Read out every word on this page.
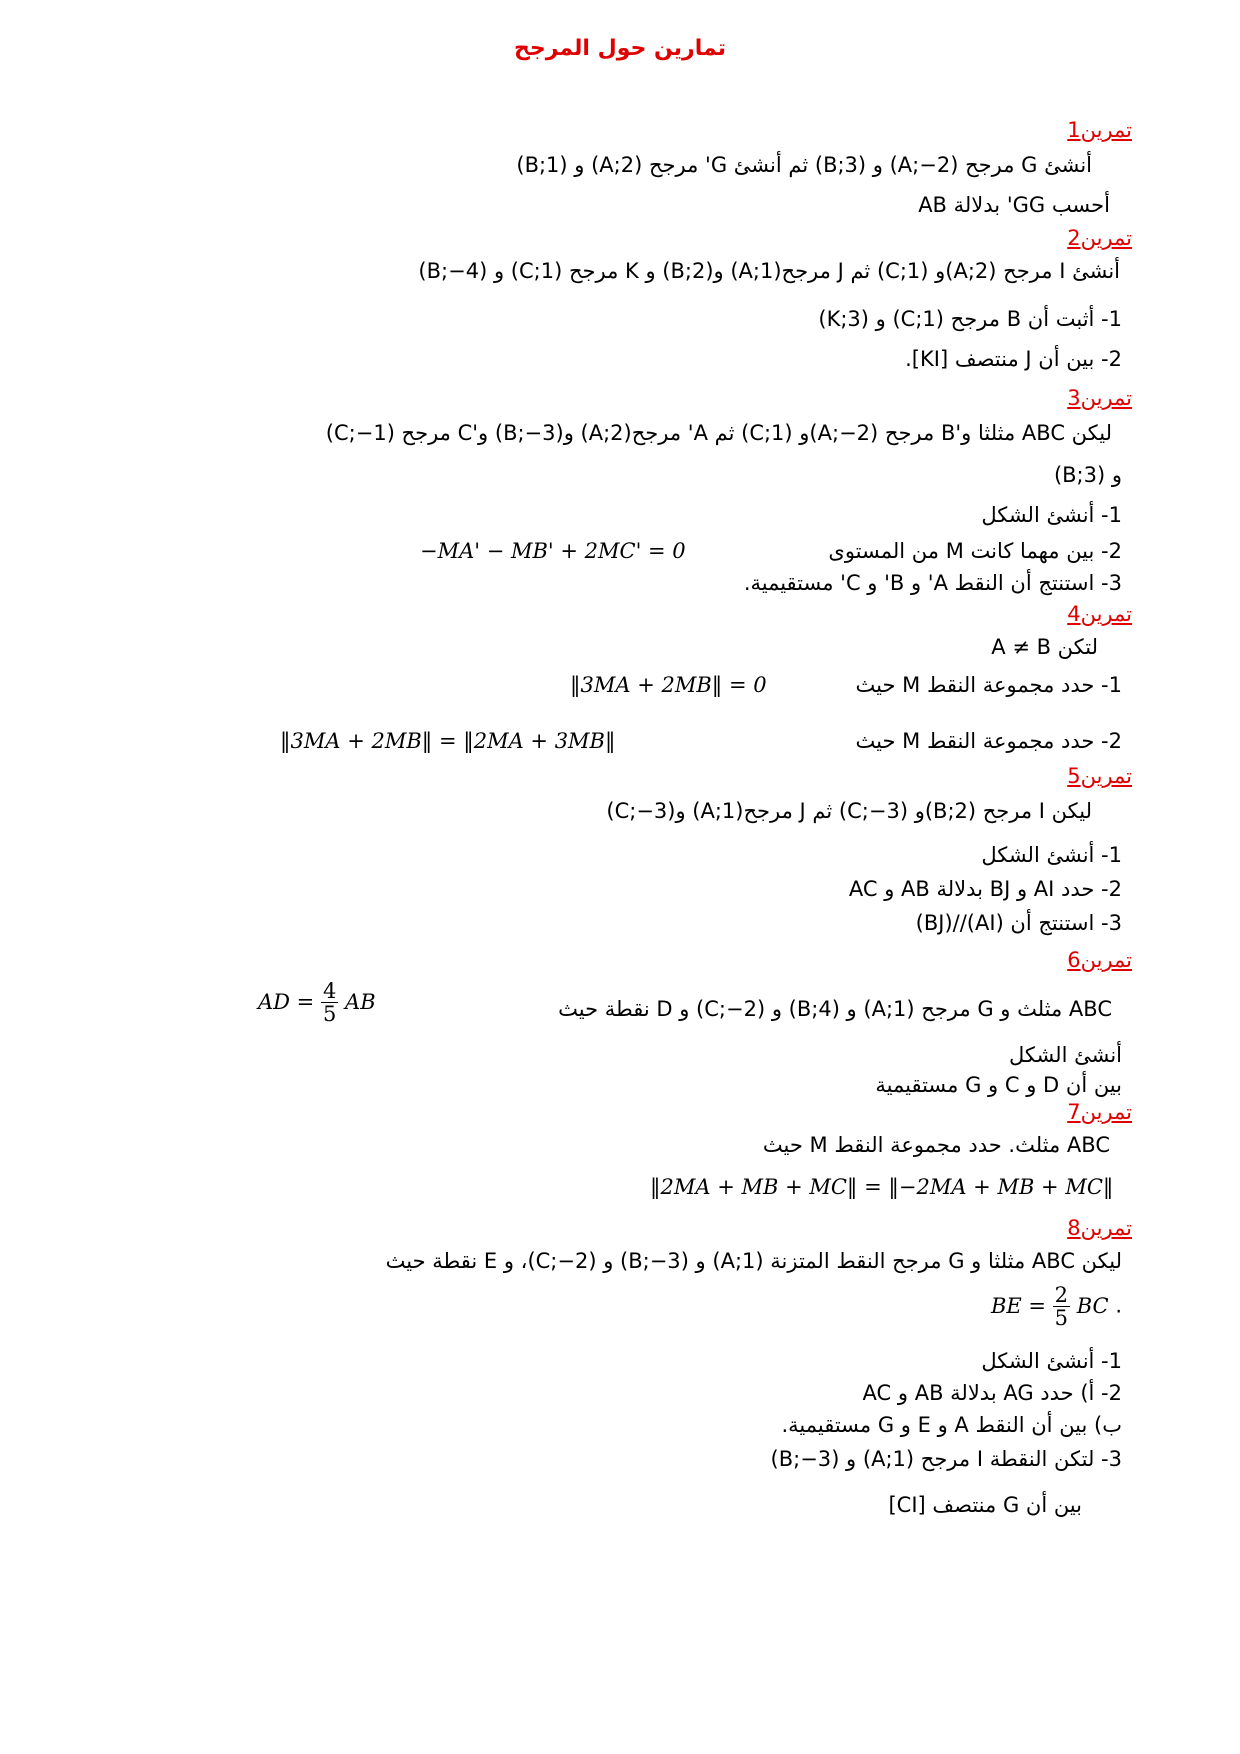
تمارين حول المرجح
تمرين1
أنشئ G مرجح (A;−2) و (B;3) ثم أنشئ G' مرجح (A;2) و (B;1)
أحسب GG' بدلالة AB
تمرين2
أنشئ I مرجح (A;2)و (C;1) ثم J مرجح(A;1) و(B;2) و K مرجح (C;1) و (B;−4)
1- أثبت أن B مرجح (C;1) و (K;3)
2- بين أن J منتصف [KI].
تمرين3
ليكن ABC مثلثا و'B مرجح (A;−2)و (C;1) ثم A' مرجح(A;2) و(B;−3) و'C مرجح (C;−1)
و (B;3)
1- أنشئ الشكل
2- بين مهما كانت M من المستوى
−MA' − MB' + 2MC' = 0
3- استنتج أن النقط A' و B' و C' مستقيمية.
تمرين4
لتكن A ≠ B
1- حدد مجموعة النقط M حيث
‖3MA + 2MB‖ = 0
2- حدد مجموعة النقط M حيث
‖3MA + 2MB‖ = ‖2MA + 3MB‖
تمرين5
ليكن I مرجح (B;2)و (C;−3) ثم J مرجح(A;1) و(C;−3)
1- أنشئ الشكل
2- حدد AI و BJ بدلالة AB و AC
3- استنتج أن (AI)//(BJ)
تمرين6
ABC مثلث و G مرجح (A;1) و (B;4) و (C;−2) و D نقطة حيث
AD = $\frac{4}{5}$ AB
أنشئ الشكل
بين أن D و C و G مستقيمية
تمرين7
ABC مثلث. حدد مجموعة النقط M حيث
‖2MA + MB + MC‖ = ‖−2MA + MB + MC‖
تمرين8
ليكن ABC مثلثا و G مرجح النقط المتزنة (A;1) و (B;−3) و (C;−2)، و E نقطة حيث
BE = $\frac{2}{5}$ BC .
1- أنشئ الشكل
2- أ) حدد AG بدلالة AB و AC
ب) بين أن النقط A و E و G مستقيمية.
3- لتكن النقطة I مرجح (A;1) و (B;−3)
بين أن G منتصف [CI]
